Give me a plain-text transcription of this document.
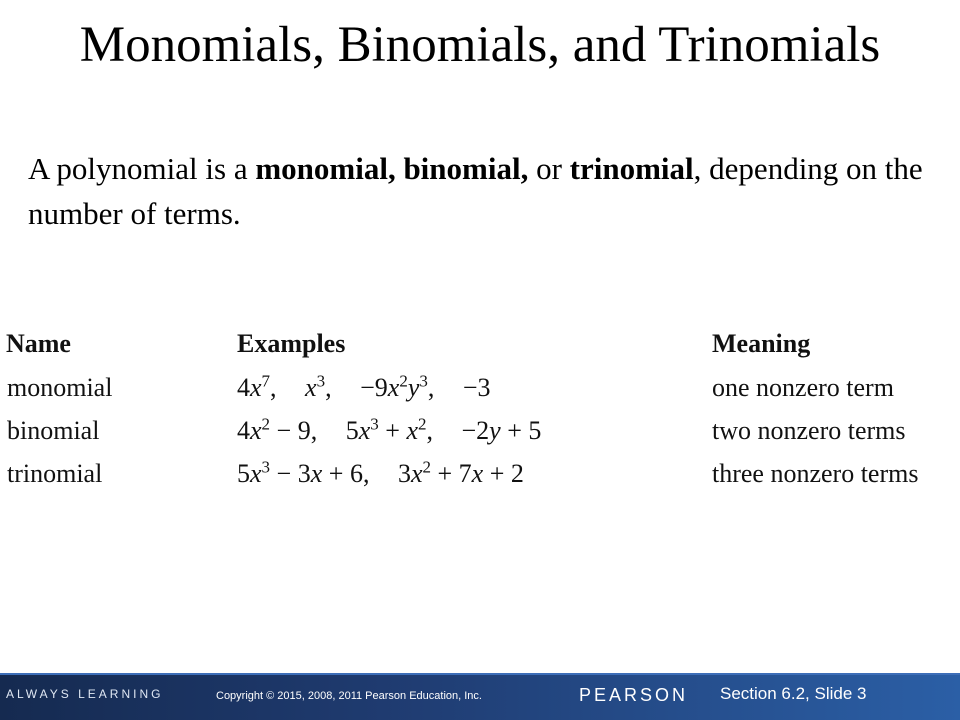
Monomials, Binomials, and Trinomials
A polynomial is a monomial, binomial, or trinomial, depending on the number of terms.
Name	Examples	Meaning
monomial	$4x^7$, $x^3$, $-9x^2y^3$, −3	one nonzero term
binomial	$4x^2 - 9$, $5x^3 + x^2$, −2y + 5	two nonzero terms
trinomial	$5x^3 - 3x + 6$, $3x^2 + 7x + 2$	three nonzero terms
ALWAYS LEARNING	Copyright © 2015, 2008, 2011 Pearson Education, Inc.	PEARSON Section 6.2, Slide 3
